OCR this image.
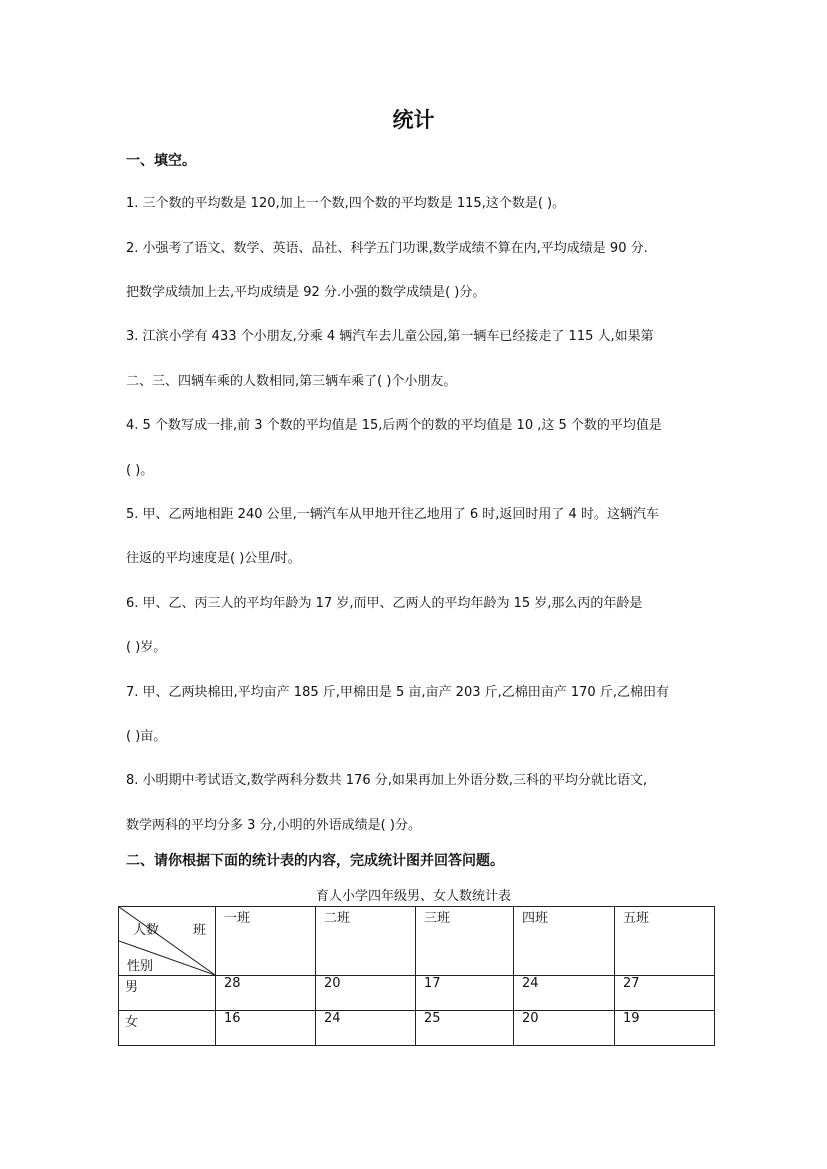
统计
一、填空。
1. 三个数的平均数是 120,加上一个数,四个数的平均数是 115,这个数是( )。
2. 小强考了语文、数学、英语、品社、科学五门功课,数学成绩不算在内,平均成绩是 90 分.
把数学成绩加上去,平均成绩是 92 分.小强的数学成绩是( )分。
3. 江滨小学有 433 个小朋友,分乘 4 辆汽车去儿童公园,第一辆车已经接走了 115 人,如果第
二、三、四辆车乘的人数相同,第三辆车乘了( )个小朋友。
4. 5 个数写成一排,前 3 个数的平均值是 15,后两个的数的平均值是 10 ,这 5 个数的平均值是
( )。
5. 甲、乙两地相距 240 公里,一辆汽车从甲地开往乙地用了 6 时,返回时用了 4 时。这辆汽车
往返的平均速度是( )公里/时。
6. 甲、乙、丙三人的平均年龄为 17 岁,而甲、乙两人的平均年龄为 15 岁,那么丙的年龄是
( )岁。
7. 甲、乙两块棉田,平均亩产 185 斤,甲棉田是 5 亩,亩产 203 斤,乙棉田亩产 170 斤,乙棉田有
( )亩。
8. 小明期中考试语文,数学两科分数共 176 分,如果再加上外语分数,三科的平均分就比语文,
数学两科的平均分多 3 分,小明的外语成绩是( )分。
二、请你根据下面的统计表的内容，完成统计图并回答问题。
育人小学四年级男、女人数统计表
人数 班
性别	一班	二班	三班	四班	五班
男	28	20	17	24	27
女	16	24	25	20	19
